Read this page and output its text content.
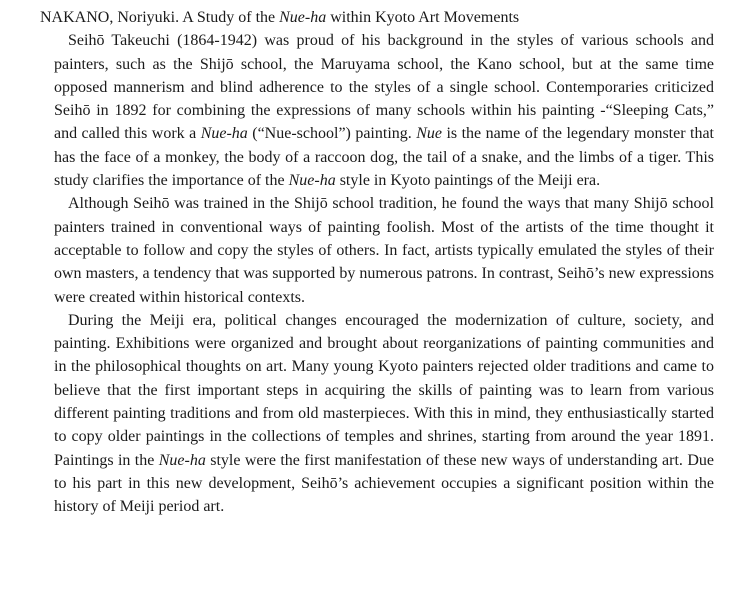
NAKANO, Noriyuki. A Study of the Nue-ha within Kyoto Art Movements

Seihō Takeuchi (1864-1942) was proud of his background in the styles of various schools and painters, such as the Shijō school, the Maruyama school, the Kano school, but at the same time opposed mannerism and blind adherence to the styles of a single school. Contemporaries criticized Seihō in 1892 for combining the expressions of many schools within his painting -“Sleeping Cats,” and called this work a Nue-ha (“Nue-school”) painting. Nue is the name of the legendary monster that has the face of a monkey, the body of a raccoon dog, the tail of a snake, and the limbs of a tiger. This study clarifies the importance of the Nue-ha style in Kyoto paintings of the Meiji era.

Although Seihō was trained in the Shijō school tradition, he found the ways that many Shijō school painters trained in conventional ways of painting foolish. Most of the artists of the time thought it acceptable to follow and copy the styles of others. In fact, artists typically emulated the styles of their own masters, a tendency that was supported by numerous patrons. In contrast, Seihō’s new expressions were created within historical contexts.

During the Meiji era, political changes encouraged the modernization of culture, society, and painting. Exhibitions were organized and brought about reorganizations of painting communities and in the philosophical thoughts on art. Many young Kyoto painters rejected older traditions and came to believe that the first important steps in acquiring the skills of painting was to learn from various different painting traditions and from old masterpieces. With this in mind, they enthusiastically started to copy older paintings in the collections of temples and shrines, starting from around the year 1891. Paintings in the Nue-ha style were the first manifestation of these new ways of understanding art. Due to his part in this new development, Seihō’s achievement occupies a significant position within the history of Meiji period art.
